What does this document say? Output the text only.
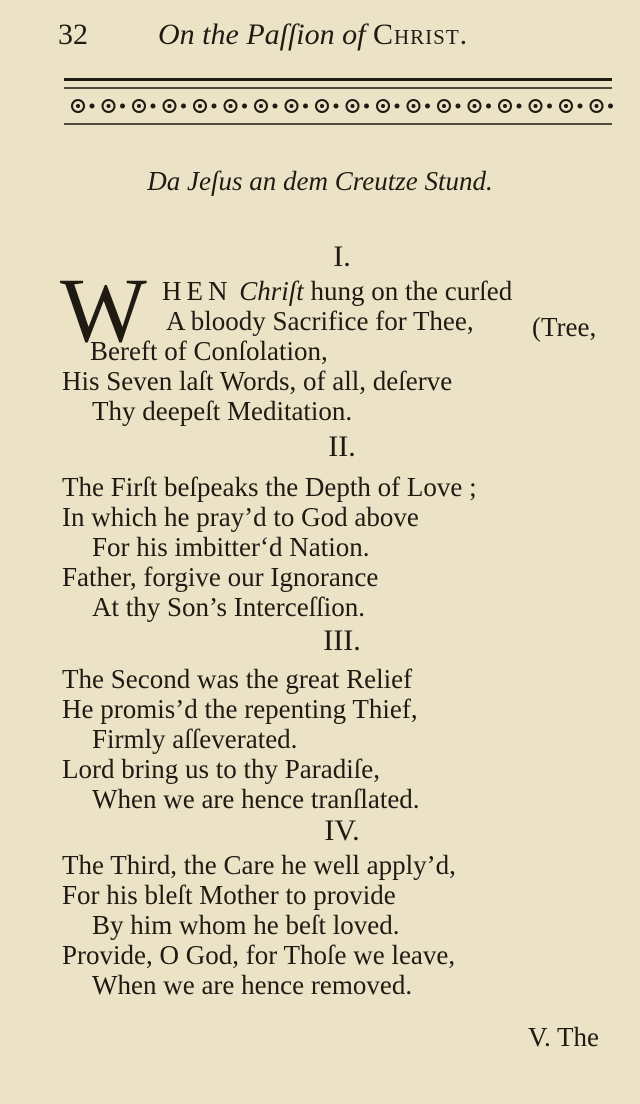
32 On the Paſſion of Christ.
Da Jeſus an dem Creutze Stund.
I.
W HEN Chriſt hung on the curſed
A bloody Sacrifice for Thee, (Tree,
Bereft of Conſolation,
His Seven laſt Words, of all, deſerve
Thy deepeſt Meditation.
II.
The Firſt beſpeaks the Depth of Love ;
In which he pray’d to God above
For his imbitter‘d Nation.
Father, forgive our Ignorance
At thy Son’s Interceſſion.
III.
The Second was the great Relief
He promis’d the repenting Thief,
Firmly aſſeverated.
Lord bring us to thy Paradiſe,
When we are hence tranſlated.
IV.
The Third, the Care he well apply’d,
For his bleſt Mother to provide
By him whom he beſt loved.
Provide, O God, for Thoſe we leave,
When we are hence removed.
V. The
